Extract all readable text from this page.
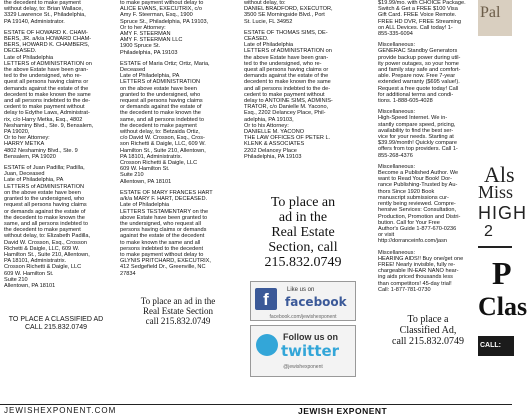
the decedent to make payment
without delay, to: Brian Wallace,
3329 Lawrence St., Philadelphia,
PA 19140, Administrator.

ESTATE OF HOWARD K. CHAM-
BERS, JR. a/k/a HOWARD CHAM-
BERS, HOWARD K. CHAMBERS,
DECEASED.
Late of Philadelphia
LETTERS of ADMINISTRATION on
the above Estate have been gran-
ted to the undersigned, who re-
quest all persons having claims or
demands against the estate of the
decedent to make known the same
and all persons indebted to the de-
cedent to make payment without
delay to Edythe Laws, Administrat-
rix, c/o Harry Metka, Esq., 4802
Neshaminy Blvd., Ste. 9, Bensalem,
PA 19020,
Or to her Attorney:
HARRY METKA
4802 Neshaminy Blvd., Ste. 9
Bensalem, PA 19020

ESTATE of Juan Padilla; Padilla,
Juan, Deceased
Late of Philadelphia, PA
LETTERS of ADMINISTRATION
on the above estate have been
granted to the undersigned, who
request all persons having claims
or demands against the estate of
the decedent to make known the
same, and all persons indebted to
the decedent to make payment
without delay, to: Elizabeth Padilla,
David W. Crosson, Esq., Crosson
Richetti & Daigle, LLC, 609 W.
Hamilton St., Suite 210, Allentown,
PA 18101, Administratrix.
Crosson Richetti & Daigle, LLC
609 W. Hamilton St.
Suite 210
Allentown, PA 18101

to make payment without delay to
ALICE EVANS, EXECUTRIX, c/o
Amy F. Steerman, Esq., 1900
Spruce St., Philadelphia, PA 19103,
Or to her Attorney:
AMY F. STEERMAN
AMY F. STEERMAN LLC
1900 Spruce St.
Philadelphia, PA 19103

ESTATE of Maria Ortiz; Ortiz, Maria,
Deceased
Late of Philadelphia, PA
LETTERS of ADMINISTRATION
on the above estate have been
granted to the undersigned, who
request all persons having claims
or demands against the estate of
the decedent to make known the
same, and all persons indebted to
the decedent to make payment
without delay, to: Betzaida Ortiz,
c/o David W. Crosson, Esq., Cros-
son Richetti & Daigle, LLC, 609 W.
Hamilton St., Suite 210, Allentown,
PA 18101, Administratrix.
Crosson Richetti & Daigle, LLC
609 W. Hamilton St.
Suite 210
Allentown, PA 18101

ESTATE OF MARY FRANCES HART
a/k/a MARY F. HART, DECEASED.
Late of Philadelphia
LETTERS TESTAMENTARY on the
above Estate have been granted to
the undersigned, who request all
persons having claims or demands
against the estate of the decedent
to make known the same and all
persons indebted to the decedent
to make payment without delay to
GLYNIS PRITCHARD, EXECUTRIX,
412 Sedgefield Dr., Greenville, NC
27834

without delay, to:
DANIEL BRADFORD, EXECUTOR,
3500 SE Morningside Blvd., Port
St. Lucie, FL 34952

ESTATE OF THOMAS SIMS, DE-
CEASED.
Late of Philadelphia
LETTERS of ADMINISTRATION on
the above Estate have been gran-
ted to the undersigned, who re-
quest all persons having claims or
demands against the estate of the
decedent to make known the same
and all persons indebted to the de-
cedent to make payment without
delay to ANTOINE SIMS, ADMINIS-
TRATOR, c/o Danielle M. Yacono,
Esq., 2202 Delancey Place, Phil-
adelphia, PA 19103,
Or to his Attorney:
DANIELLE M. YACONO
THE LAW OFFICES OF PETER L.
KLENK & ASSOCIATES
2202 Delancey Place
Philadelphia, PA 19103

$19.99/mo. with CHOICE Package.
Switch & Get a FREE $100 Visa
Gift Card. FREE Voice Remote.
FREE HD DVR, FREE Streaming
on ALL Devices. Call today! 1-
855-335-6094

Miscellaneous:
GENERAC Standby Generators
provide backup power during util-
ity power outages, so your home
and family stay safe and comfort-
able. Prepare now. Free 7-year
extended warranty ($695 value!).
Request a free quote today! Call
for additional terms and condi-
tions. 1-888-605-4028

Miscellaneous:
High-Speed Internet. We in-
stantly compare speed, pricing,
availability to find the best ser-
vice for your needs. Starting at
$39.99/month! Quickly compare
offers from top providers. Call 1-
855-268-4376

Miscellaneous:
Become a Published Author. We
want to Read Your Book! Dor-
rance Publishing-Trusted by Au-
thors Since 1920 Book
manuscript submissions cur-
rently being reviewed. Compre-
hensive Services: Consultation,
Production, Promotion and Distri-
bution. Call for Your Free
Author's Guide 1-877-670-0236
or visit
http://dorranceinfo.com/jasn

Miscellaneous:
HEARING AIDS!! Buy one/get one
FREE! Nearly invisible, fully re-
chargeable IN-EAR NANO hear-
ing aids priced thousands less
than competitors! 45-day trial!
Call: 1-877-781-0730

To place an
ad in the
Real Estate
Section, call
215.832.0749
To place an ad in the
Real Estate Section
call 215.832.0749	To place a
Classified Ad,
call 215.832.0749
TO PLACE A CLASSIFIED AD
CALL 215.832.0749
f	Like us on
facebook
facebook.com/jewishexponent
Follow us on
twitter
@jewishexponent
Pal
Als
Miss
HIGH
2
P
Clas
CALL: NICO
JEWISHEXPONENT.COM	JEWISH EXPONENT
